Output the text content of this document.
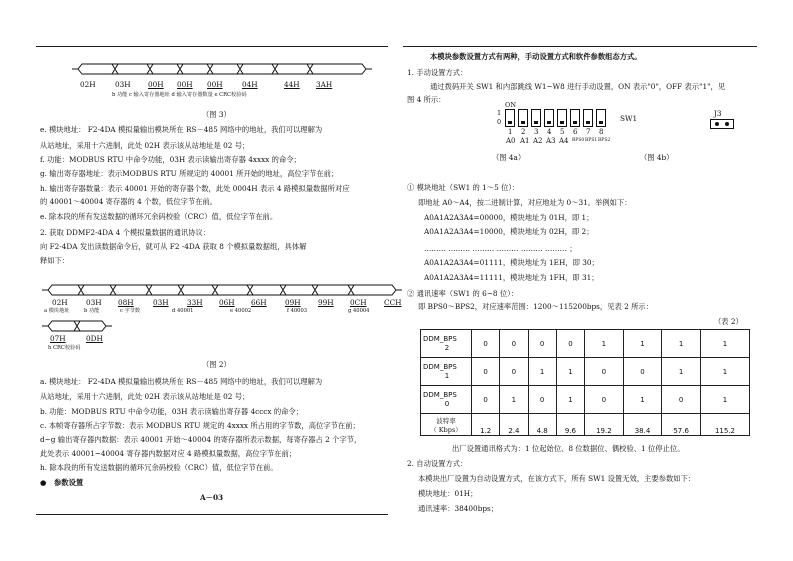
b 功能 c 输入寄存器地址 d 输入寄存器数量 e CRC校验码
（图 3）
07H	0DH
h CRC校验码
（图 2）
● 参数设置
A－03
本模块参数设置方式有两种，手动设置方式和软件参数组态方式。
1. 手动设置方式：
通过拨码开关 SW1 和内部跳线 W1~W8 进行手动设置，ON 表示"0"，OFF 表示"1"，见
图 4 所示：
ON
1
0	SW1
J3
（图 4a）	（图 4b）
② 通讯速率（SW1 的 6~8 位）：
即 BPS0～BPS2，对应速率范围：1200～115200bps，见表 2 所示：
（表 2）
DDM_BPS
2	0	0	0	0	1	1	1	1

DDM_BPS
1	0	0	1	1	0	0	1	1

DDM_BPS
0	0	1	0	1	0	1	0	1

波特率
（ Kbps）	1.2	2.4	4.8	9.6	19.2	38.4	57.6	115.2
出厂设置通讯格式为：1 位起始位、8 位数据位、偶校验、1 位停止位。
2. 自动设置方式：
本模块出厂设置为自动设置方式，在该方式下，所有 SW1 设置无效，主要参数如下：
模块地址：01H；
通讯速率：38400bps；
02H	03H 00H 00H 00H	04H	44H 3AH
e. 模块地址： F2-4DA 模拟量输出模块所在 RS－485 网络中的地址，我们可以理解为
从站地址，采用十六进制，此处 02H 表示该从站地址是 02 号；
f. 功能：MODBUS RTU 中命令功能，03H 表示读输出寄存器 4xxxx 的命令；
g. 输出寄存器地址：表示MODBUS RTU 所规定的 40001 所开始的地址，高位字节在前；
h. 输出寄存器数量：表示 40001 开始的寄存器个数，此处 0004H 表示 4 路模拟量数据所对应
的 40001～40004 寄存器的 4 个数，低位字节在前。
e. 除本段的所有发送数据的循环冗余码校验（CRC）值，低位字节在前。
2. 获取 DDMF2-4DA 4 个模拟量数据的通讯协议：
向 F2-4DA 发出读数据命令后，就可从 F2 -4DA 获取 8 个模拟量数据组，具体解
释如下：
02H	03H 08H	03H	33H 06H 66H	09H 99H 0CH CCH
a 模块地址	b 功能	c 字节数	d 40001	e 40002	f 40003	g 40004
a. 模块地址： F2-4DA 模拟量输出模块所在 RS－485 网络中的地址，我们可以理解为
从站地址，采用十六进制，此处 02H 表示该从站地址是 02 号；
b. 功能：MODBUS RTU 中命令功能，03H 表示读输出寄存器 4cccx 的命令；
c. 本帧寄存器所占字节数：表示 MODBUS RTU 规定的 4xxxx 所占用的字节数，高位字节在前；
d~g 输出寄存器内数据：表示 40001 开始～40004 的寄存器所表示数据，每寄存器占 2 个字节，
此处表示 40001~40004 寄存器内数据对应 4 路模拟量数据，高位字节在前；
h. 除本段的所有发送数据的循环冗余码校验（CRC）值，低位字节在前。
1 2 3 4 5 6 7 8
A0 A1 A2 A3 A4 BPS0 BPS1 BPS2
① 模块地址（SW1 的 1～5 位）：
即地址 A0～A4，按二进制计算，对应地址为 0～31。举例如下：
A0A1A2A3A4=00000，模块地址为 01H，即 1；
A0A1A2A3A4=10000，模块地址为 02H，即 2；
……… ……… ……… ……… ……… ……… ；
A0A1A2A3A4=01111，模块地址为 1EH，即 30；
A0A1A2A3A4=11111，模块地址为 1FH，即 31；
